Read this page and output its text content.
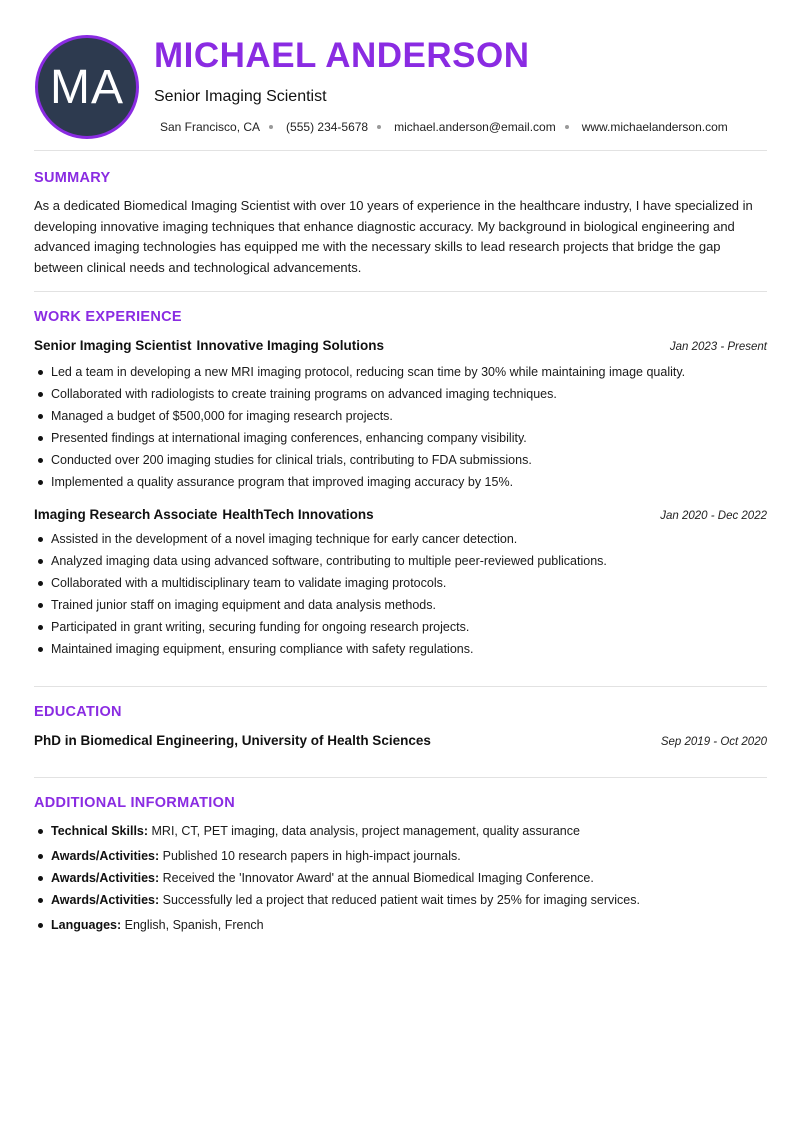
MA
MICHAEL ANDERSON
Senior Imaging Scientist
San Francisco, CA (555) 234-5678 michael.anderson@email.com www.michaelanderson.com
SUMMARY

As a dedicated Biomedical Imaging Scientist with over 10 years of experience in the healthcare industry, I have specialized in developing innovative imaging techniques that enhance diagnostic accuracy. My background in biological engineering and advanced imaging technologies has equipped me with the necessary skills to lead research projects that bridge the gap between clinical needs and technological advancements.

WORK EXPERIENCE
Senior Imaging Scientist Innovative Imaging Solutions	Jan 2023 - Present
Led a team in developing a new MRI imaging protocol, reducing scan time by 30% while maintaining image quality.
Collaborated with radiologists to create training programs on advanced imaging techniques.
Managed a budget of $500,000 for imaging research projects.
Presented findings at international imaging conferences, enhancing company visibility.
Conducted over 200 imaging studies for clinical trials, contributing to FDA submissions.
Implemented a quality assurance program that improved imaging accuracy by 15%.
Imaging Research Associate HealthTech Innovations	Jan 2020 - Dec 2022
Assisted in the development of a novel imaging technique for early cancer detection.
Analyzed imaging data using advanced software, contributing to multiple peer-reviewed publications.
Collaborated with a multidisciplinary team to validate imaging protocols.
Trained junior staff on imaging equipment and data analysis methods.
Participated in grant writing, securing funding for ongoing research projects.
Maintained imaging equipment, ensuring compliance with safety regulations.
EDUCATION
PhD in Biomedical Engineering, University of Health Sciences	Sep 2019 - Oct 2020
ADDITIONAL INFORMATION
Technical Skills: MRI, CT, PET imaging, data analysis, project management, quality assurance
Awards/Activities: Published 10 research papers in high-impact journals.
Awards/Activities: Received the 'Innovator Award' at the annual Biomedical Imaging Conference.
Awards/Activities: Successfully led a project that reduced patient wait times by 25% for imaging services.
Languages: English, Spanish, French
